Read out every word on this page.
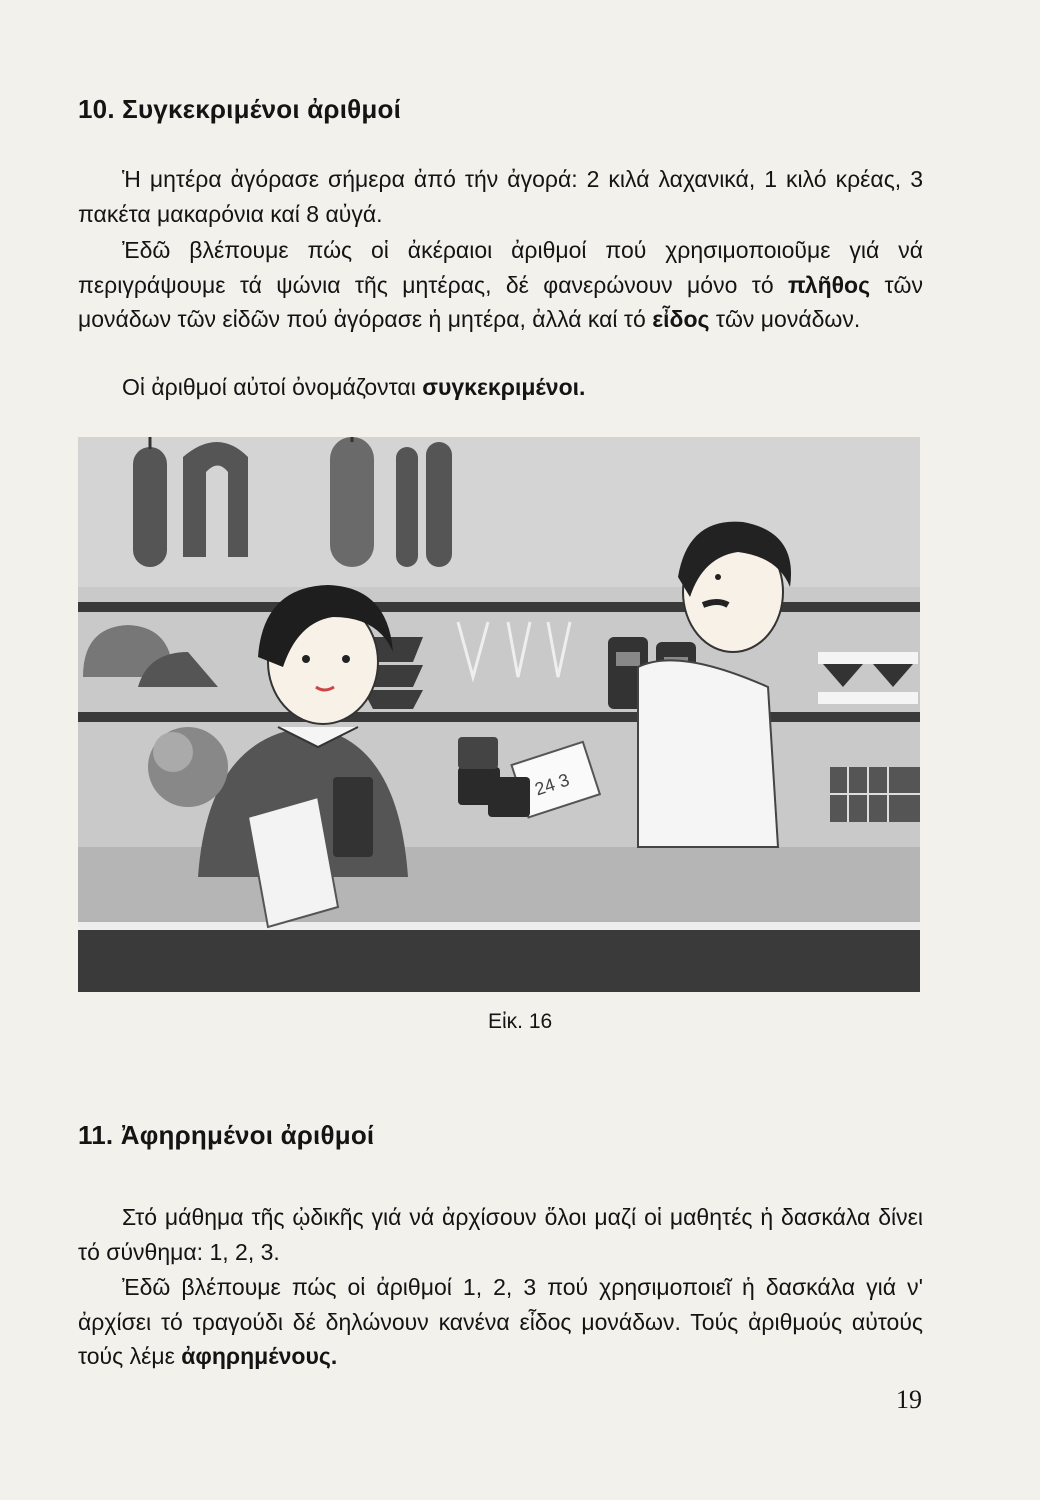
10. Συγκεκριμένοι ἀριθμοί

Ἡ μητέρα ἀγόρασε σήμερα ἀπό τήν ἀγορά: 2 κιλά λαχανικά, 1 κιλό κρέας, 3 πακέτα μακαρόνια καί 8 αὐγά.

Ἐδῶ βλέπουμε πώς οἱ ἀκέραιοι ἀριθμοί πού χρησιμοποιοῦμε γιά νά περιγράψουμε τά ψώνια τῆς μητέρας, δέ φανερώνουν μόνο τό πλῆθος τῶν μονάδων τῶν εἰδῶν πού ἀγόρασε ἡ μητέρα, ἀλλά καί τό εἶδος τῶν μονάδων.

Οἱ ἀριθμοί αὐτοί ὀνομάζονται συγκεκριμένοι.

24 3
Εἰκ. 16
11. Ἀφηρημένοι ἀριθμοί

Στό μάθημα τῆς ᾠδικῆς γιά νά ἀρχίσουν ὅλοι μαζί οἱ μαθητές ἡ δασκάλα δίνει τό σύνθημα: 1, 2, 3.

Ἐδῶ βλέπουμε πώς οἱ ἀριθμοί 1, 2, 3 πού χρησιμοποιεῖ ἡ δασκάλα γιά ν' ἀρχίσει τό τραγούδι δέ δηλώνουν κανένα εἶδος μονάδων. Τούς ἀριθμούς αὐτούς τούς λέμε ἀφηρημένους.

19
